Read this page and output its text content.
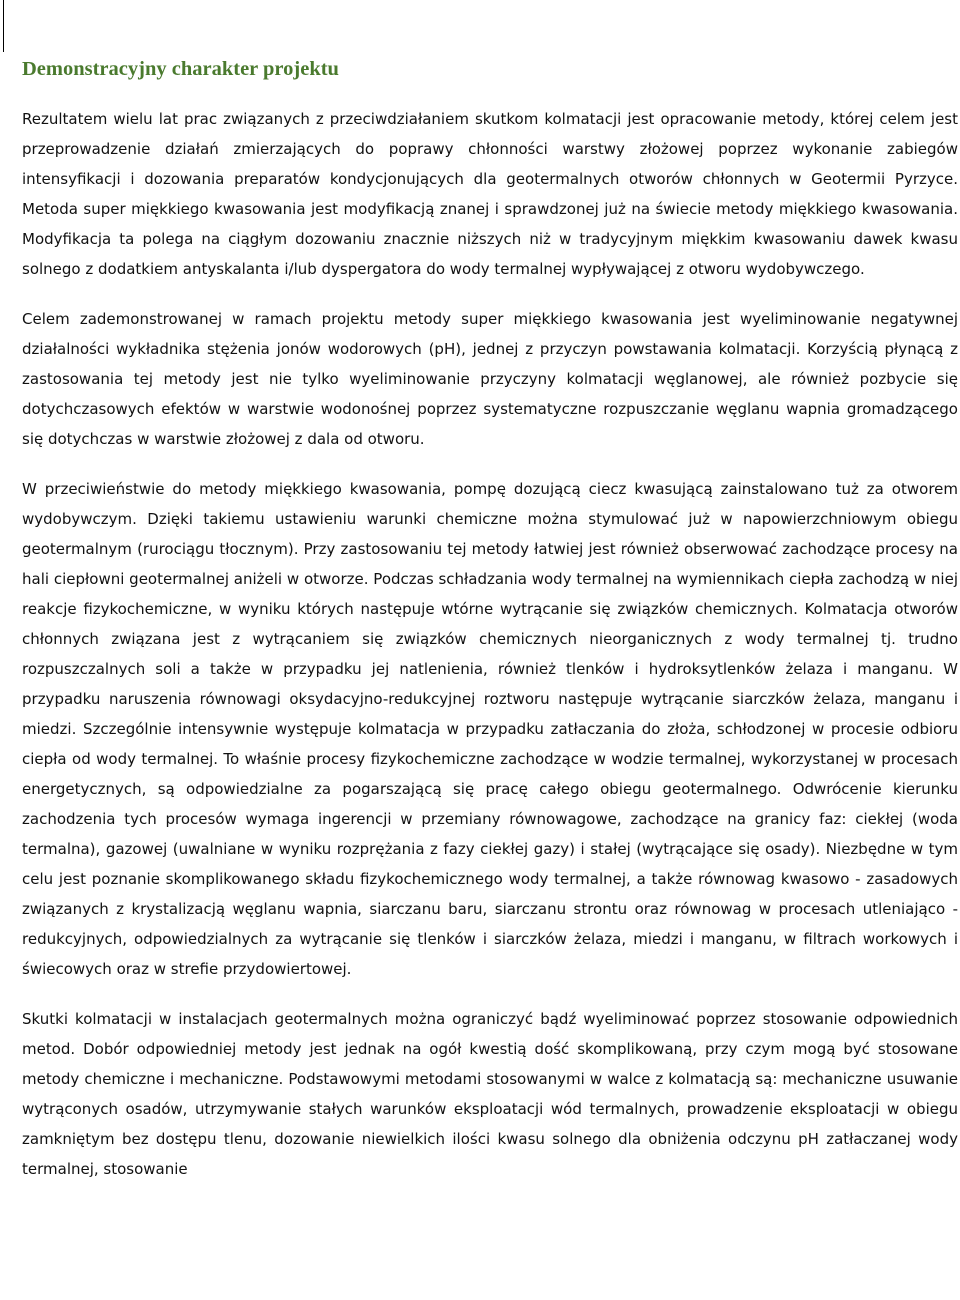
Demonstracyjny charakter projektu

Rezultatem wielu lat prac związanych z przeciwdziałaniem skutkom kolmatacji jest opracowanie metody, której celem jest przeprowadzenie działań zmierzających do poprawy chłonności warstwy złożowej poprzez wykonanie zabiegów intensyfikacji i dozowania preparatów kondycjonujących dla geotermalnych otworów chłonnych w Geotermii Pyrzyce. Metoda super miękkiego kwasowania jest modyfikacją znanej i sprawdzonej już na świecie metody miękkiego kwasowania. Modyfikacja ta polega na ciągłym dozowaniu znacznie niższych niż w tradycyjnym miękkim kwasowaniu dawek kwasu solnego z dodatkiem antyskalanta i/lub dyspergatora do wody termalnej wypływającej z otworu wydobywczego.

Celem zademonstrowanej w ramach projektu metody super miękkiego kwasowania jest wyeliminowanie negatywnej działalności wykładnika stężenia jonów wodorowych (pH), jednej z przyczyn powstawania kolmatacji. Korzyścią płynącą z zastosowania tej metody jest nie tylko wyeliminowanie przyczyny kolmatacji węglanowej, ale również pozbycie się dotychczasowych efektów w warstwie wodonośnej poprzez systematyczne rozpuszczanie węglanu wapnia gromadzącego się dotychczas w warstwie złożowej z dala od otworu.

W przeciwieństwie do metody miękkiego kwasowania, pompę dozującą ciecz kwasującą zainstalowano tuż za otworem wydobywczym. Dzięki takiemu ustawieniu warunki chemiczne można stymulować już w napowierzchniowym obiegu geotermalnym (rurociągu tłocznym). Przy zastosowaniu tej metody łatwiej jest również obserwować zachodzące procesy na hali ciepłowni geotermalnej aniżeli w otworze. Podczas schładzania wody termalnej na wymiennikach ciepła zachodzą w niej reakcje fizykochemiczne, w wyniku których następuje wtórne wytrącanie się związków chemicznych. Kolmatacja otworów chłonnych związana jest z wytrącaniem się związków chemicznych nieorganicznych z wody termalnej tj. trudno rozpuszczalnych soli a także w przypadku jej natlenienia, również tlenków i hydroksytlenków żelaza i manganu. W przypadku naruszenia równowagi oksydacyjno-redukcyjnej roztworu następuje wytrącanie siarczków żelaza, manganu i miedzi. Szczególnie intensywnie występuje kolmatacja w przypadku zatłaczania do złoża, schłodzonej w procesie odbioru ciepła od wody termalnej. To właśnie procesy fizykochemiczne zachodzące w wodzie termalnej, wykorzystanej w procesach energetycznych, są odpowiedzialne za pogarszającą się pracę całego obiegu geotermalnego. Odwrócenie kierunku zachodzenia tych procesów wymaga ingerencji w przemiany równowagowe, zachodzące na granicy faz: ciekłej (woda termalna), gazowej (uwalniane w wyniku rozprężania z fazy ciekłej gazy) i stałej (wytrącające się osady). Niezbędne w tym celu jest poznanie skomplikowanego składu fizykochemicznego wody termalnej, a także równowag kwasowo - zasadowych związanych z krystalizacją węglanu wapnia, siarczanu baru, siarczanu strontu oraz równowag w procesach utleniająco - redukcyjnych, odpowiedzialnych za wytrącanie się tlenków i siarczków żelaza, miedzi i manganu, w filtrach workowych i świecowych oraz w strefie przydowiertowej.

Skutki kolmatacji w instalacjach geotermalnych można ograniczyć bądź wyeliminować poprzez stosowanie odpowiednich metod. Dobór odpowiedniej metody jest jednak na ogół kwestią dość skomplikowaną, przy czym mogą być stosowane metody chemiczne i mechaniczne. Podstawowymi metodami stosowanymi w walce z kolmatacją są: mechaniczne usuwanie wytrąconych osadów, utrzymywanie stałych warunków eksploatacji wód termalnych, prowadzenie eksploatacji w obiegu zamkniętym bez dostępu tlenu, dozowanie niewielkich ilości kwasu solnego dla obniżenia odczynu pH zatłaczanej wody termalnej, stosowanie
